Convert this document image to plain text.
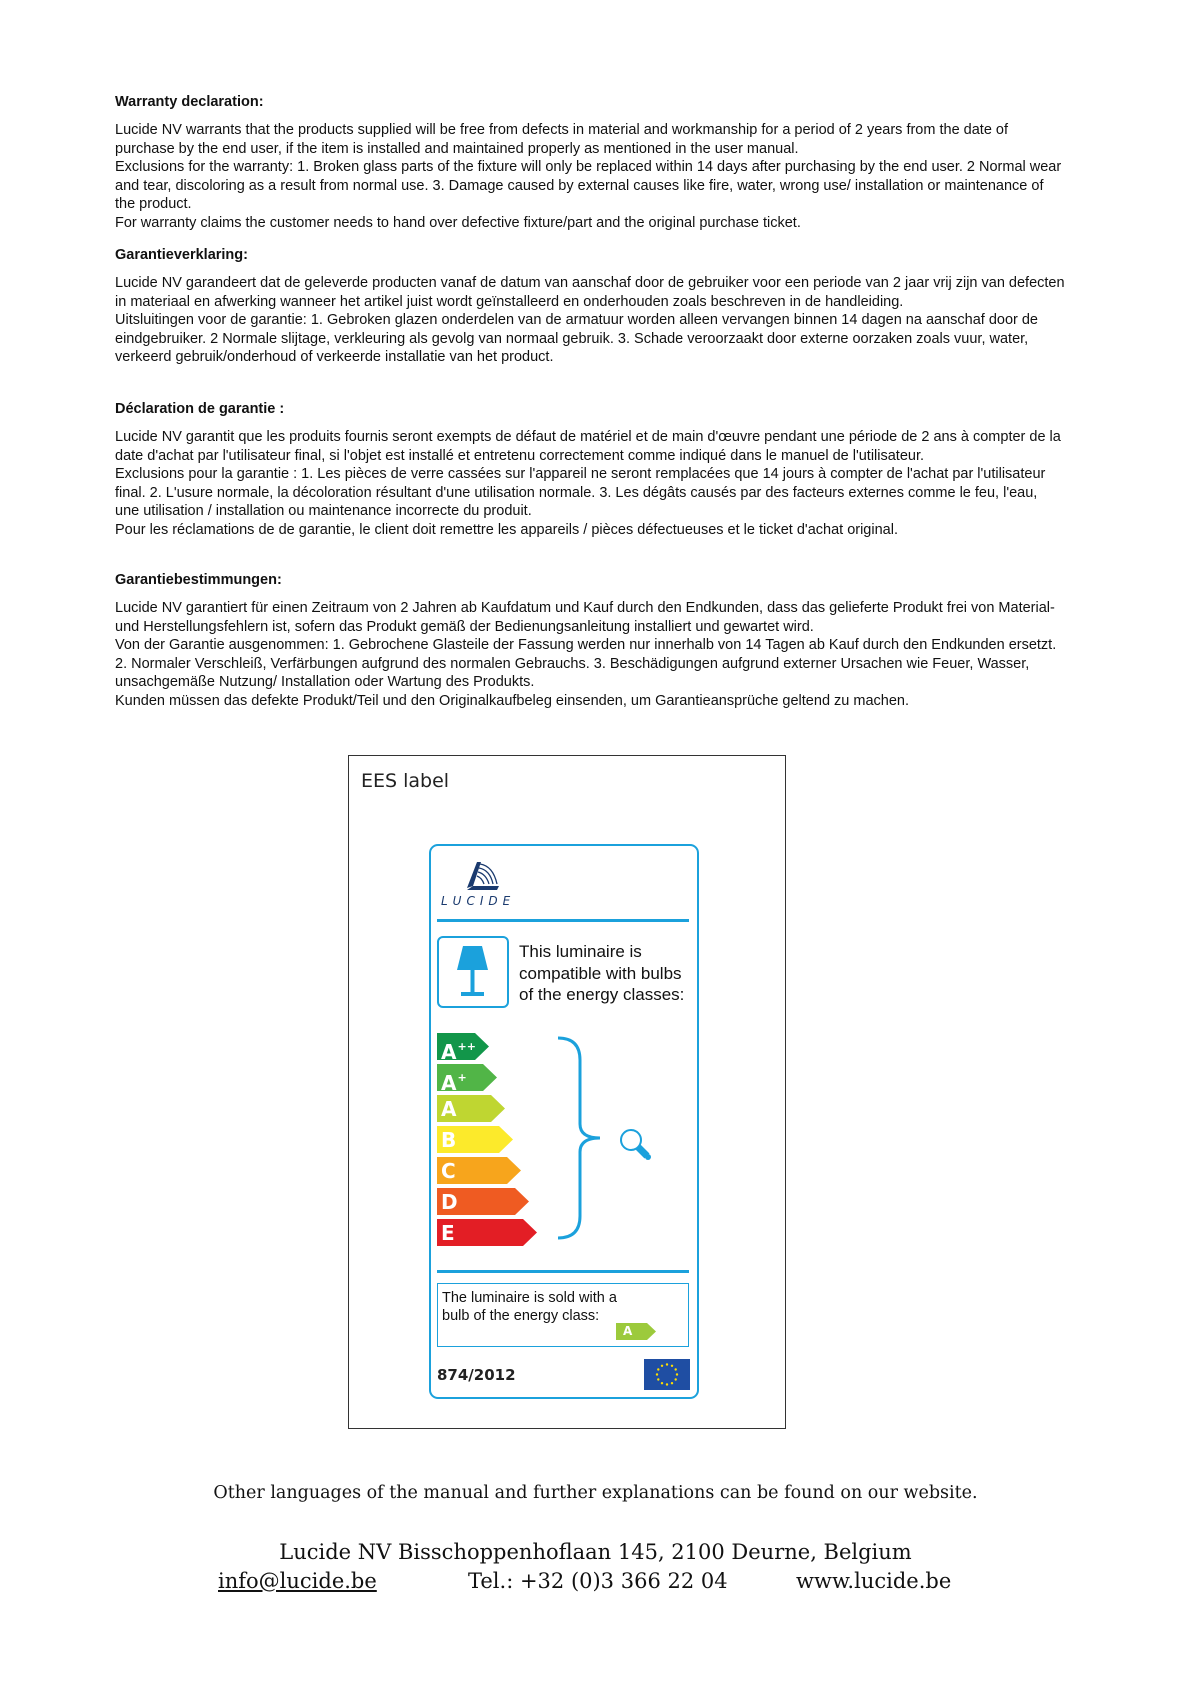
Warranty declaration:

Lucide NV warrants that the products supplied will be free from defects in material and workmanship for a period of 2 years from the date of purchase by the end user, if the item is installed and maintained properly as mentioned in the user manual.

Exclusions for the warranty: 1. Broken glass parts of the fixture will only be replaced within 14 days after purchasing by the end user. 2 Normal wear and tear, discoloring as a result from normal use. 3. Damage caused by external causes like fire, water, wrong use/ installation or maintenance of the product.

For warranty claims the customer needs to hand over defective fixture/part and the original purchase ticket.

Garantieverklaring:

Lucide NV garandeert dat de geleverde producten vanaf de datum van aanschaf door de gebruiker voor een periode van 2 jaar vrij zijn van defecten in materiaal en afwerking wanneer het artikel juist wordt geïnstalleerd en onderhouden zoals beschreven in de handleiding.

Uitsluitingen voor de garantie: 1. Gebroken glazen onderdelen van de armatuur worden alleen vervangen binnen 14 dagen na aanschaf door de eindgebruiker. 2 Normale slijtage, verkleuring als gevolg van normaal gebruik. 3. Schade veroorzaakt door externe oorzaken zoals vuur, water, verkeerd gebruik/onderhoud of verkeerde installatie van het product.

Déclaration de garantie :

Lucide NV garantit que les produits fournis seront exempts de défaut de matériel et de main d'œuvre pendant une période de 2 ans à compter de la date d'achat par l'utilisateur final, si l'objet est installé et entretenu correctement comme indiqué dans le manuel de l'utilisateur.

Exclusions pour la garantie : 1. Les pièces de verre cassées sur l'appareil ne seront remplacées que 14 jours à compter de l'achat par l'utilisateur final. 2. L'usure normale, la décoloration résultant d'une utilisation normale. 3. Les dégâts causés par des facteurs externes comme le feu, l'eau, une utilisation / installation ou maintenance incorrecte du produit.

Pour les réclamations de de garantie, le client doit remettre les appareils / pièces défectueuses et le ticket d'achat original.

Garantiebestimmungen:

Lucide NV garantiert für einen Zeitraum von 2 Jahren ab Kaufdatum und Kauf durch den Endkunden, dass das gelieferte Produkt frei von Material- und Herstellungsfehlern ist, sofern das Produkt gemäß der Bedienungsanleitung installiert und gewartet wird.

Von der Garantie ausgenommen: 1. Gebrochene Glasteile der Fassung werden nur innerhalb von 14 Tagen ab Kauf durch den Endkunden ersetzt. 2. Normaler Verschleiß, Verfärbungen aufgrund des normalen Gebrauchs. 3. Beschädigungen aufgrund externer Ursachen wie Feuer, Wasser, unsachgemäße Nutzung/ Installation oder Wartung des Produkts.

Kunden müssen das defekte Produkt/Teil und den Originalkaufbeleg einsenden, um Garantieansprüche geltend zu machen.

EES label
LUCIDE
This luminaire is compatible with bulbs of the energy classes:
A++
A+
A
B
C
D
E
The luminaire is sold with a bulb of the energy class:
A
874/2012
Other languages of the manual and further explanations can be found on our website.
Lucide NV Bisschoppenhoflaan 145, 2100 Deurne, Belgium
info@lucide.be	Tel.: +32 (0)3 366 22 04	www.lucide.be
